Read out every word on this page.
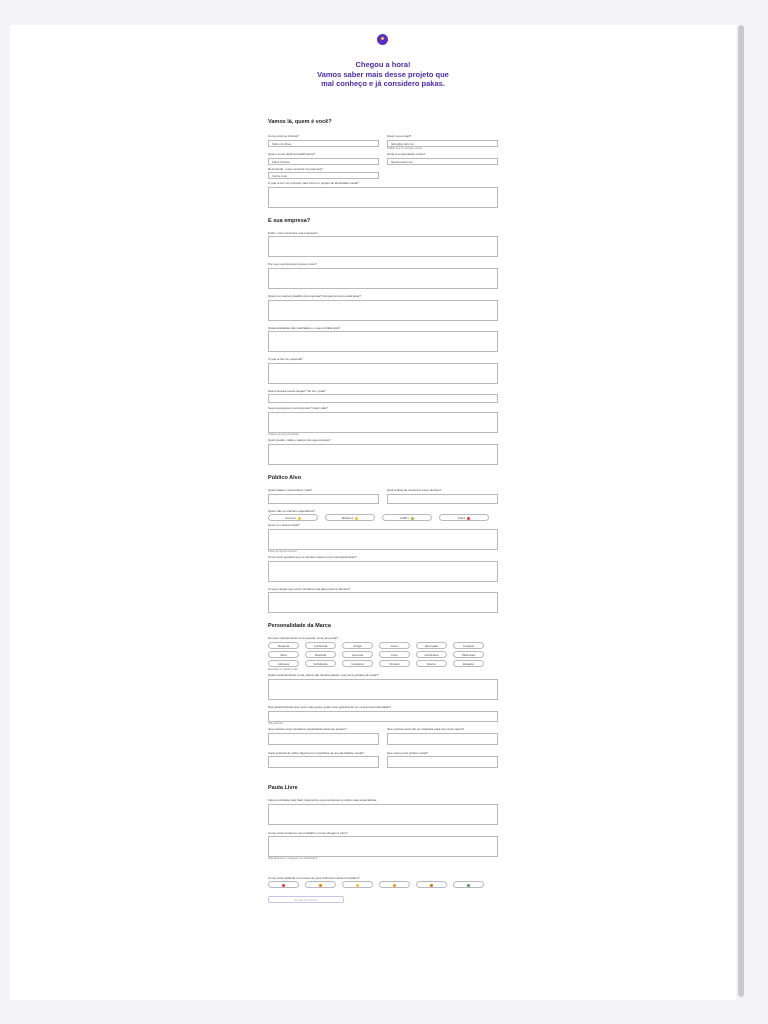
Chegou a hora!
Vamos saber mais desse projeto que
mal conheço e já considero pakas.
Vamos lá, quem é você?
Como você se chama?
Fábio da Silva
Qual o seu email?
fabio@gmail.com
E-Mail que vc sempre vai ler
Qual o nome da Empresa/Produto?
Fábio Panela
Onde a empresa/site existe?
fabiopanela.com
Resumindo, o que você faz na empresa?
Vende tudo
O que te fez me procurar para criar um projeto de identidade visual?
E sua empresa?
Enfim, como descreve sua empresa?
Por que a empresa tem esse nome?
Quais os maiores desafios da empresa? Há quanto tempo está ativa?
Quais atividades são realizadas e o que te diferencia?
O que te faz ser especial?
Sua empresa possui slogan? Se sim, qual?
Sua empresa tem concorrentes? Quem são?
Indique as três principais
Qual missão, visão e valores da sua empresa?
Público Alvo
Quais idades consumiriam mais?	Qual a faixa de renda dos seus clientes?
Quem são os clientes majoritários?
Homens	Mulheres	LGBT+	Todos
Quem é o cliente ideal?
Faça um breve resumo
Como você gostaria que os clientes vissem sua empresa/produto?
O que é aquilo que você considera sua face para os clientes?
Personalidade da Marca
Se sua empresa fosse uma pessoa, como ela seria?
Moderna	Conhecida	Antiga	Jovem	Renovada	Corajosa
Séria	Divertida	Amorosa	Forte	Acolhedora	Misteriosa
Afetuosa	Sofisticada	Inovadora	Simples	Eterna	Elegante
Escolha no máximo três
Quais características a sua marca não deveria passar, que você gostaria de evitar?
Das características que você mais gosta, quais você gostaria de ver nessa nova identidade?
Cite até três
Que marcas você considera inspiradoras para seu projeto?	Que marcas você não se inspiraria para sua nova marca?
Você gostaria de incluir alguma cor específica na sua identidade visual?	Que cores você prefere evitar?
Pauta Livre
Fique à vontade para falar mais sobre a sua empresa ou sobre suas expectativas.
Como você conheceu meu trabalho e como chegou a mim?
Pelo Behance, Instagram ou Indicação?
Como você avaliaria o processo de preenchimento deste formulário?
Enviar formulário
